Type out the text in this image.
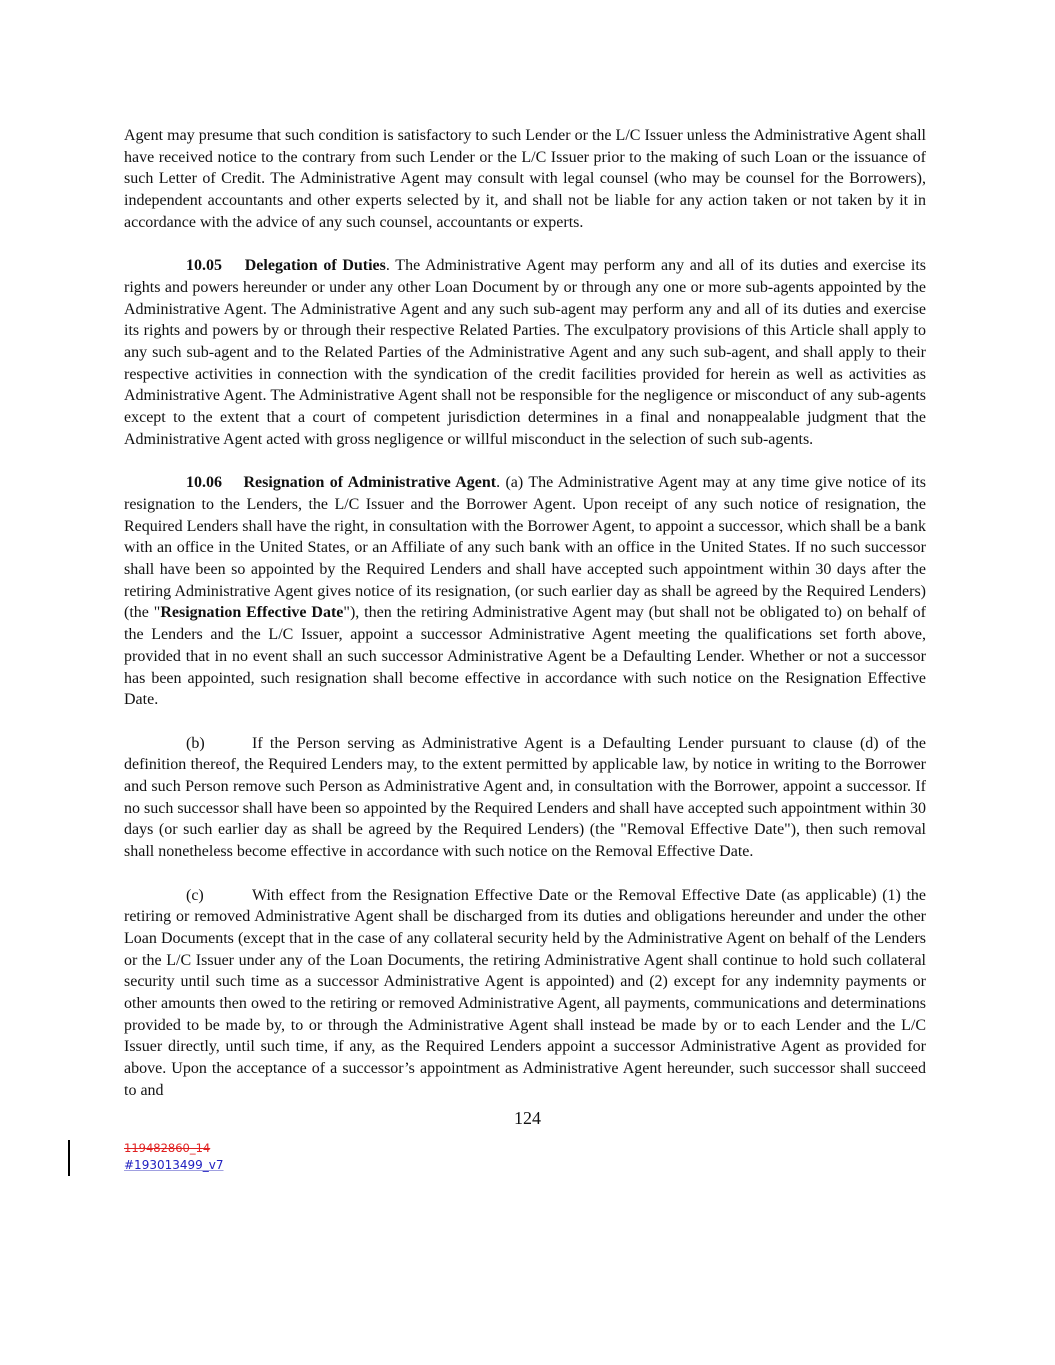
Agent may presume that such condition is satisfactory to such Lender or the L/C Issuer unless the Administrative Agent shall have received notice to the contrary from such Lender or the L/C Issuer prior to the making of such Loan or the issuance of such Letter of Credit. The Administrative Agent may consult with legal counsel (who may be counsel for the Borrowers), independent accountants and other experts selected by it, and shall not be liable for any action taken or not taken by it in accordance with the advice of any such counsel, accountants or experts.

10.05    Delegation of Duties. The Administrative Agent may perform any and all of its duties and exercise its rights and powers hereunder or under any other Loan Document by or through any one or more sub-agents appointed by the Administrative Agent. The Administrative Agent and any such sub-agent may perform any and all of its duties and exercise its rights and powers by or through their respective Related Parties. The exculpatory provisions of this Article shall apply to any such sub-agent and to the Related Parties of the Administrative Agent and any such sub-agent, and shall apply to their respective activities in connection with the syndication of the credit facilities provided for herein as well as activities as Administrative Agent. The Administrative Agent shall not be responsible for the negligence or misconduct of any sub-agents except to the extent that a court of competent jurisdiction determines in a final and nonappealable judgment that the Administrative Agent acted with gross negligence or willful misconduct in the selection of such sub-agents.

10.06    Resignation of Administrative Agent. (a) The Administrative Agent may at any time give notice of its resignation to the Lenders, the L/C Issuer and the Borrower Agent. Upon receipt of any such notice of resignation, the Required Lenders shall have the right, in consultation with the Borrower Agent, to appoint a successor, which shall be a bank with an office in the United States, or an Affiliate of any such bank with an office in the United States. If no such successor shall have been so appointed by the Required Lenders and shall have accepted such appointment within 30 days after the retiring Administrative Agent gives notice of its resignation, (or such earlier day as shall be agreed by the Required Lenders) (the "Resignation Effective Date"), then the retiring Administrative Agent may (but shall not be obligated to) on behalf of the Lenders and the L/C Issuer, appoint a successor Administrative Agent meeting the qualifications set forth above, provided that in no event shall an such successor Administrative Agent be a Defaulting Lender. Whether or not a successor has been appointed, such resignation shall become effective in accordance with such notice on the Resignation Effective Date.

(b)	If the Person serving as Administrative Agent is a Defaulting Lender pursuant to clause (d) of the definition thereof, the Required Lenders may, to the extent permitted by applicable law, by notice in writing to the Borrower and such Person remove such Person as Administrative Agent and, in consultation with the Borrower, appoint a successor. If no such successor shall have been so appointed by the Required Lenders and shall have accepted such appointment within 30 days (or such earlier day as shall be agreed by the Required Lenders) (the "Removal Effective Date"), then such removal shall nonetheless become effective in accordance with such notice on the Removal Effective Date.

(c)	With effect from the Resignation Effective Date or the Removal Effective Date (as applicable) (1) the retiring or removed Administrative Agent shall be discharged from its duties and obligations hereunder and under the other Loan Documents (except that in the case of any collateral security held by the Administrative Agent on behalf of the Lenders or the L/C Issuer under any of the Loan Documents, the retiring Administrative Agent shall continue to hold such collateral security until such time as a successor Administrative Agent is appointed) and (2) except for any indemnity payments or other amounts then owed to the retiring or removed Administrative Agent, all payments, communications and determinations provided to be made by, to or through the Administrative Agent shall instead be made by or to each Lender and the L/C Issuer directly, until such time, if any, as the Required Lenders appoint a successor Administrative Agent as provided for above. Upon the acceptance of a successor’s appointment as Administrative Agent hereunder, such successor shall succeed to and

124
119482860_14
#193013499_v7
